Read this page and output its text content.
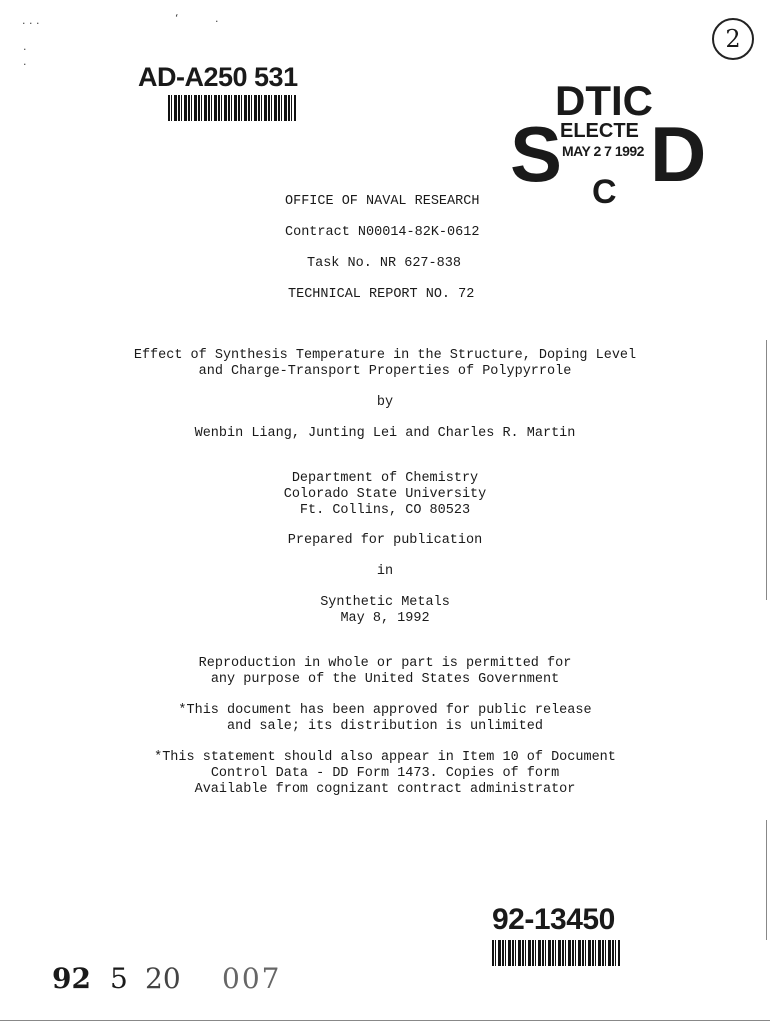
. . .	‘	.
.
.
2
AD-A250 531	DTIC
S
ELECTE
MAY 2 7 1992
C D
OFFICE OF NAVAL RESEARCH
Contract N00014-82K-0612
Task No. NR 627-838
TECHNICAL REPORT NO. 72
Effect of Synthesis Temperature in the Structure, Doping Level
and Charge-Transport Properties of Polypyrrole
by
Wenbin Liang, Junting Lei and Charles R. Martin
Department of Chemistry
Colorado State University
Ft. Collins, CO 80523
Prepared for publication
in
Synthetic Metals
May 8, 1992
Reproduction in whole or part is permitted for
any purpose of the United States Government
*This document has been approved for public release
and sale; its distribution is unlimited
*This statement should also appear in Item 10 of Document
Control Data - DD Form 1473. Copies of form
Available from cognizant contract administrator
92-13450
92 5 20 007
